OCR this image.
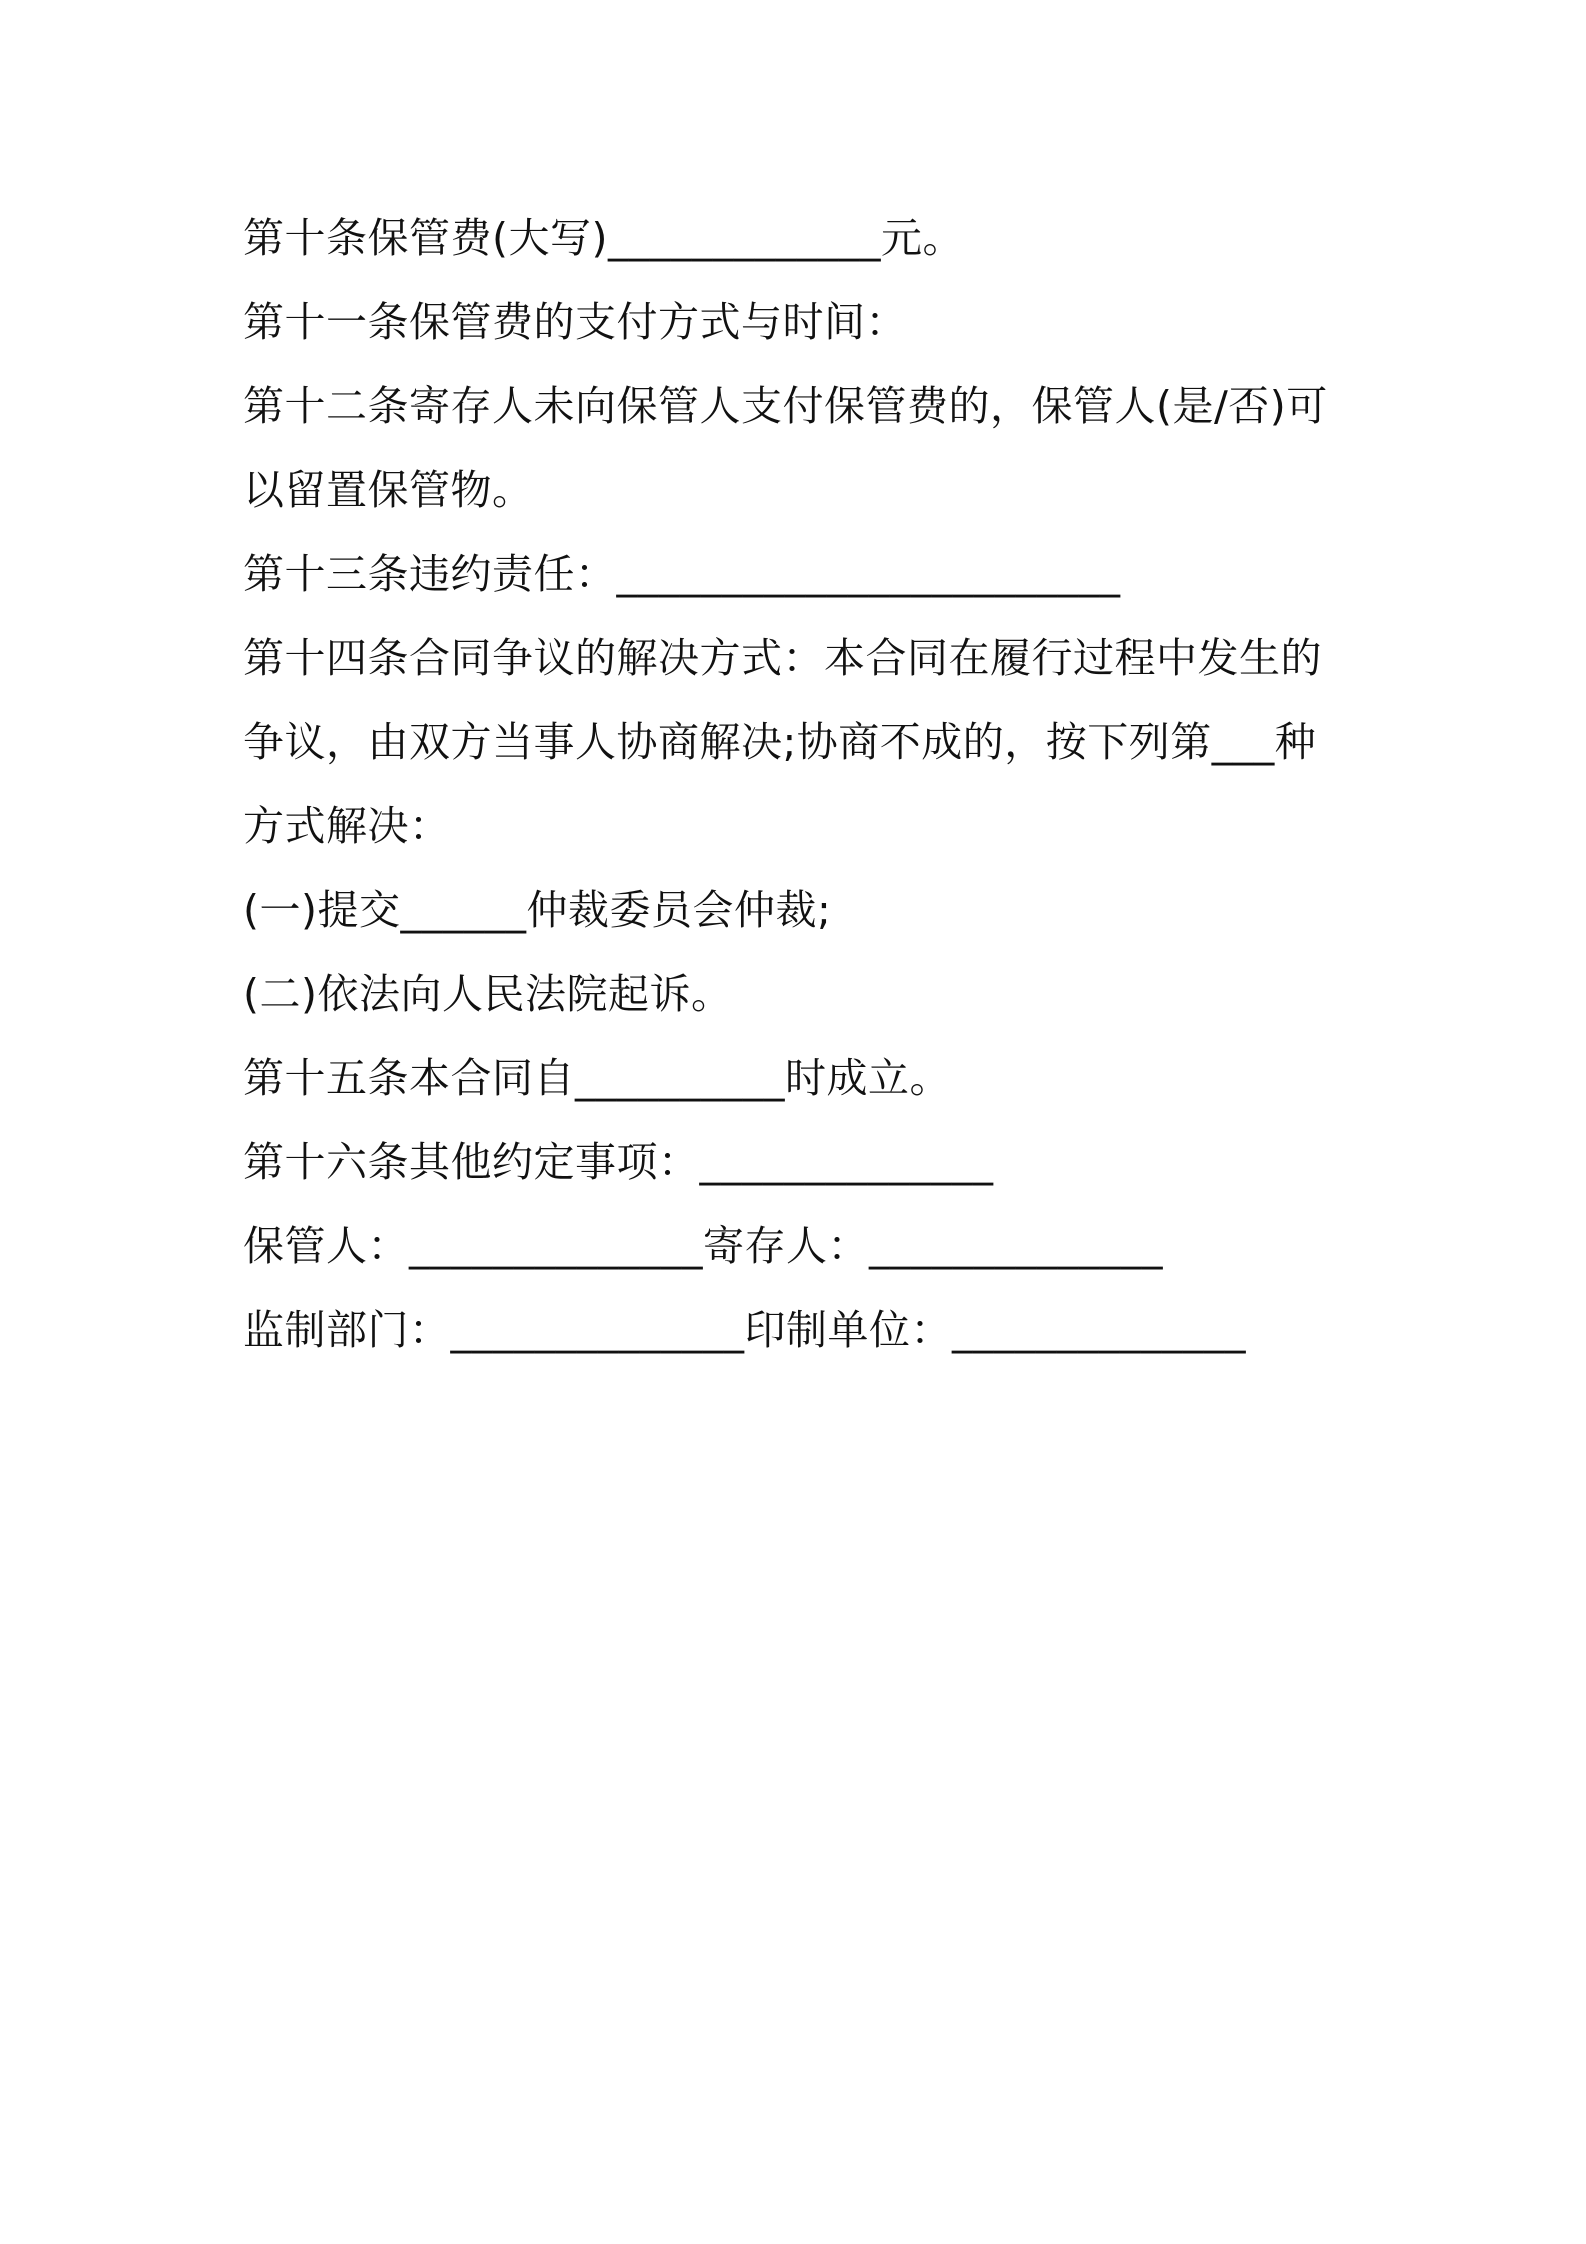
第十条保管费(大写)_____________元。
第十一条保管费的支付方式与时间：
第十二条寄存人未向保管人支付保管费的，保管人(是/否)可
以留置保管物。
第十三条违约责任：________________________
第十四条合同争议的解决方式：本合同在履行过程中发生的
争议，由双方当事人协商解决;协商不成的，按下列第___种
方式解决：
(一)提交______仲裁委员会仲裁;
(二)依法向人民法院起诉。
第十五条本合同自__________时成立。
第十六条其他约定事项：______________
保管人：______________寄存人：______________
监制部门：______________印制单位：______________
